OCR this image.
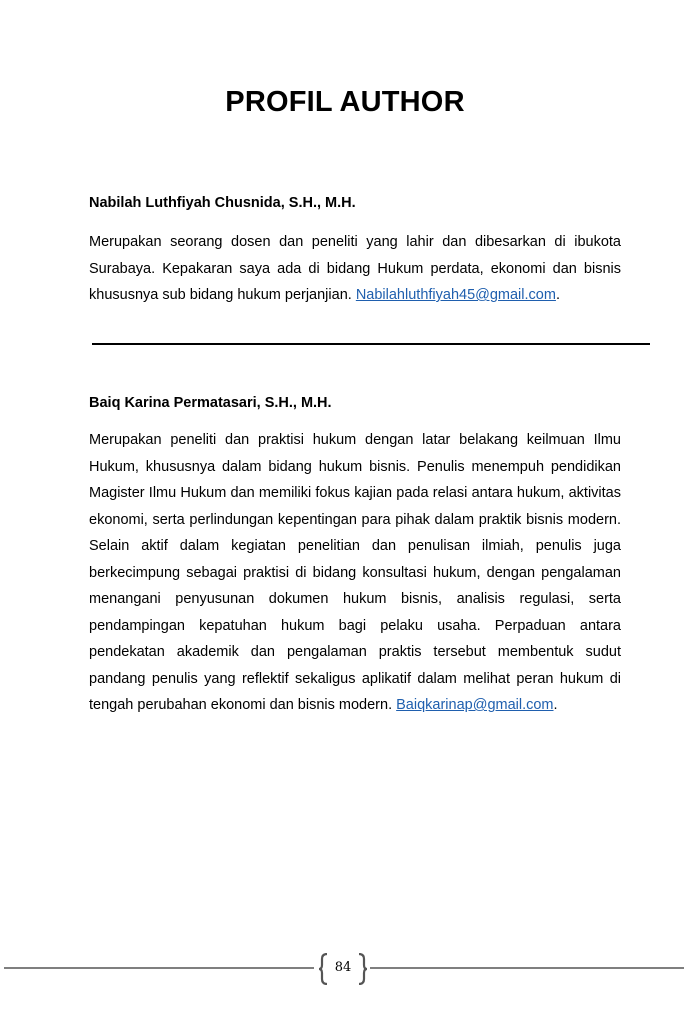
PROFIL AUTHOR

Nabilah Luthfiyah Chusnida, S.H., M.H.

Merupakan seorang dosen dan peneliti yang lahir dan dibesarkan di ibukota Surabaya. Kepakaran saya ada di bidang Hukum perdata, ekonomi dan bisnis khususnya sub bidang hukum perjanjian. Nabilahluthfiyah45@gmail.com.

Baiq Karina Permatasari, S.H., M.H.

Merupakan peneliti dan praktisi hukum dengan latar belakang keilmuan Ilmu Hukum, khususnya dalam bidang hukum bisnis. Penulis menempuh pendidikan Magister Ilmu Hukum dan memiliki fokus kajian pada relasi antara hukum, aktivitas ekonomi, serta perlindungan kepentingan para pihak dalam praktik bisnis modern. Selain aktif dalam kegiatan penelitian dan penulisan ilmiah, penulis juga berkecimpung sebagai praktisi di bidang konsultasi hukum, dengan pengalaman menangani penyusunan dokumen hukum bisnis, analisis regulasi, serta pendampingan kepatuhan hukum bagi pelaku usaha. Perpaduan antara pendekatan akademik dan pengalaman praktis tersebut membentuk sudut pandang penulis yang reflektif sekaligus aplikatif dalam melihat peran hukum di tengah perubahan ekonomi dan bisnis modern. Baiqkarinap@gmail.com.

84
